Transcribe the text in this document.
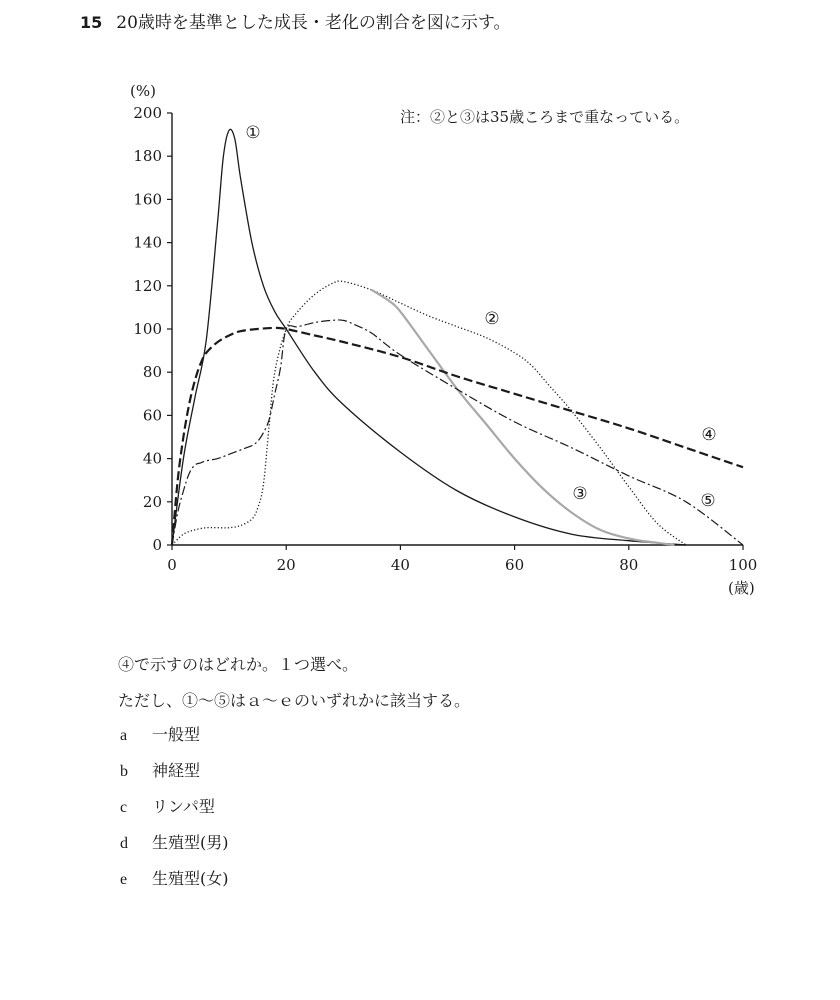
15 20歳時を基準とした成長・老化の割合を図に示す。
0
20
40
60
80
100
120
140
160
180
200
0	20	40	60	80	100
①
②
③
④
⑤
(%)
(歳)
注：②と③は35歳ころまで重なっている。
④で示すのはどれか。１つ選べ。
ただし、①～⑤はａ～ｅのいずれかに該当する。
a 一般型
b 神経型
c リンパ型
d 生殖型(男)
e 生殖型(女)
